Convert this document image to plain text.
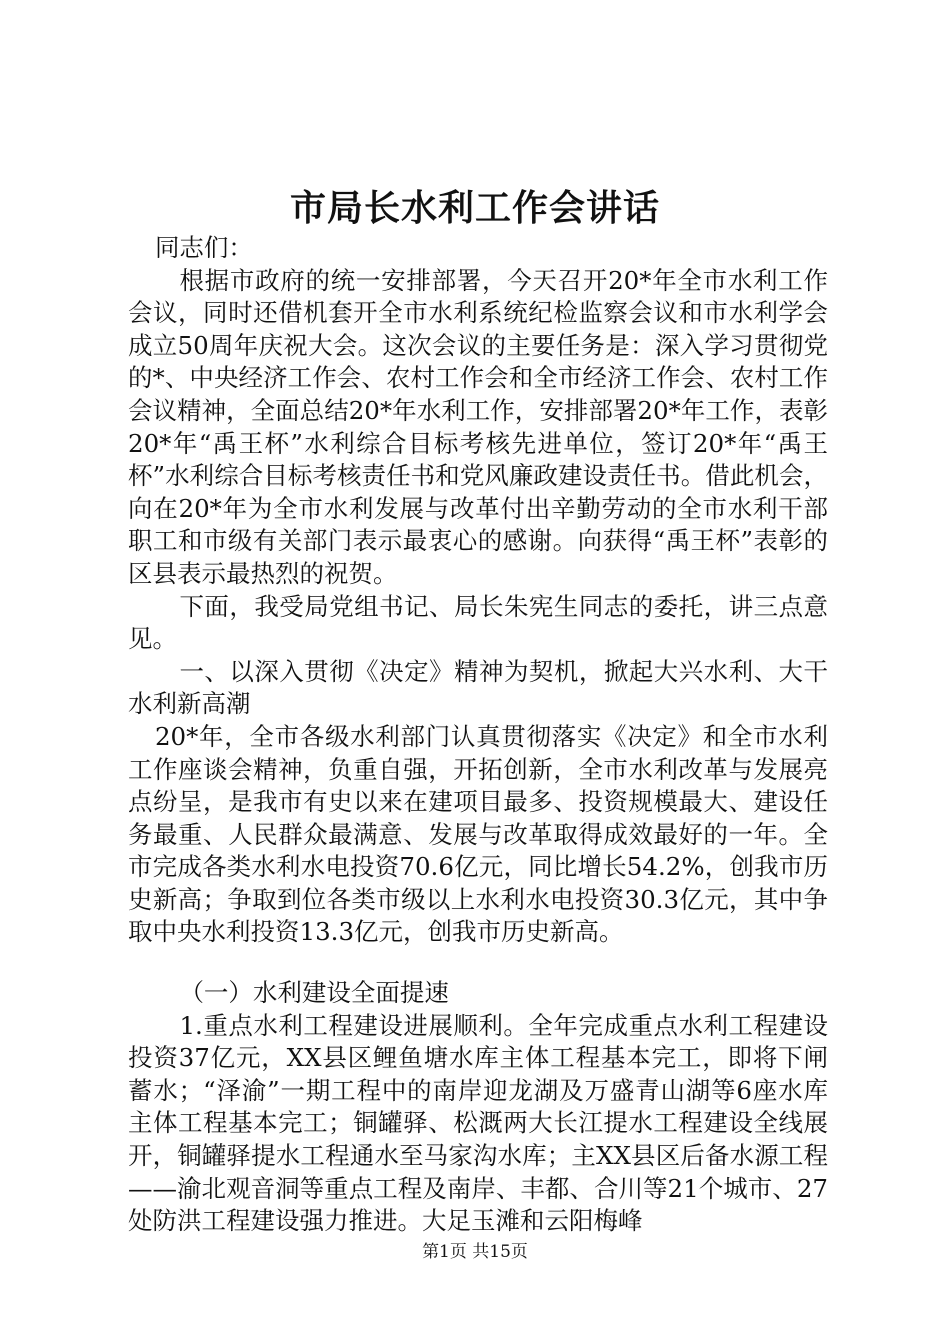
市局长水利工作会讲话

同志们：

根据市政府的统一安排部署，今天召开20*年全市水利工作会议，同时还借机套开全市水利系统纪检监察会议和市水利学会成立50周年庆祝大会。这次会议的主要任务是：深入学习贯彻党的*、中央经济工作会、农村工作会和全市经济工作会、农村工作会议精神，全面总结20*年水利工作，安排部署20*年工作，表彰20*年“禹王杯”水利综合目标考核先进单位，签订20*年“禹王杯”水利综合目标考核责任书和党风廉政建设责任书。借此机会，向在20*年为全市水利发展与改革付出辛勤劳动的全市水利干部职工和市级有关部门表示最衷心的感谢。向获得“禹王杯”表彰的区县表示最热烈的祝贺。

下面，我受局党组书记、局长朱宪生同志的委托，讲三点意见。

一、以深入贯彻《决定》精神为契机，掀起大兴水利、大干水利新高潮

20*年，全市各级水利部门认真贯彻落实《决定》和全市水利工作座谈会精神，负重自强，开拓创新，全市水利改革与发展亮点纷呈，是我市有史以来在建项目最多、投资规模最大、建设任务最重、人民群众最满意、发展与改革取得成效最好的一年。全市完成各类水利水电投资70.6亿元，同比增长54.2%，创我市历史新高；争取到位各类市级以上水利水电投资30.3亿元，其中争取中央水利投资13.3亿元，创我市历史新高。

（一）水利建设全面提速

1.重点水利工程建设进展顺利。全年完成重点水利工程建设投资37亿元，XX县区鲤鱼塘水库主体工程基本完工，即将下闸蓄水；“泽渝”一期工程中的南岸迎龙湖及万盛青山湖等6座水库主体工程基本完工；铜罐驿、松溉两大长江提水工程建设全线展开，铜罐驿提水工程通水至马家沟水库；主XX县区后备水源工程——渝北观音洞等重点工程及南岸、丰都、合川等21个城市、27处防洪工程建设强力推进。大足玉滩和云阳梅峰

第1页 共15页
